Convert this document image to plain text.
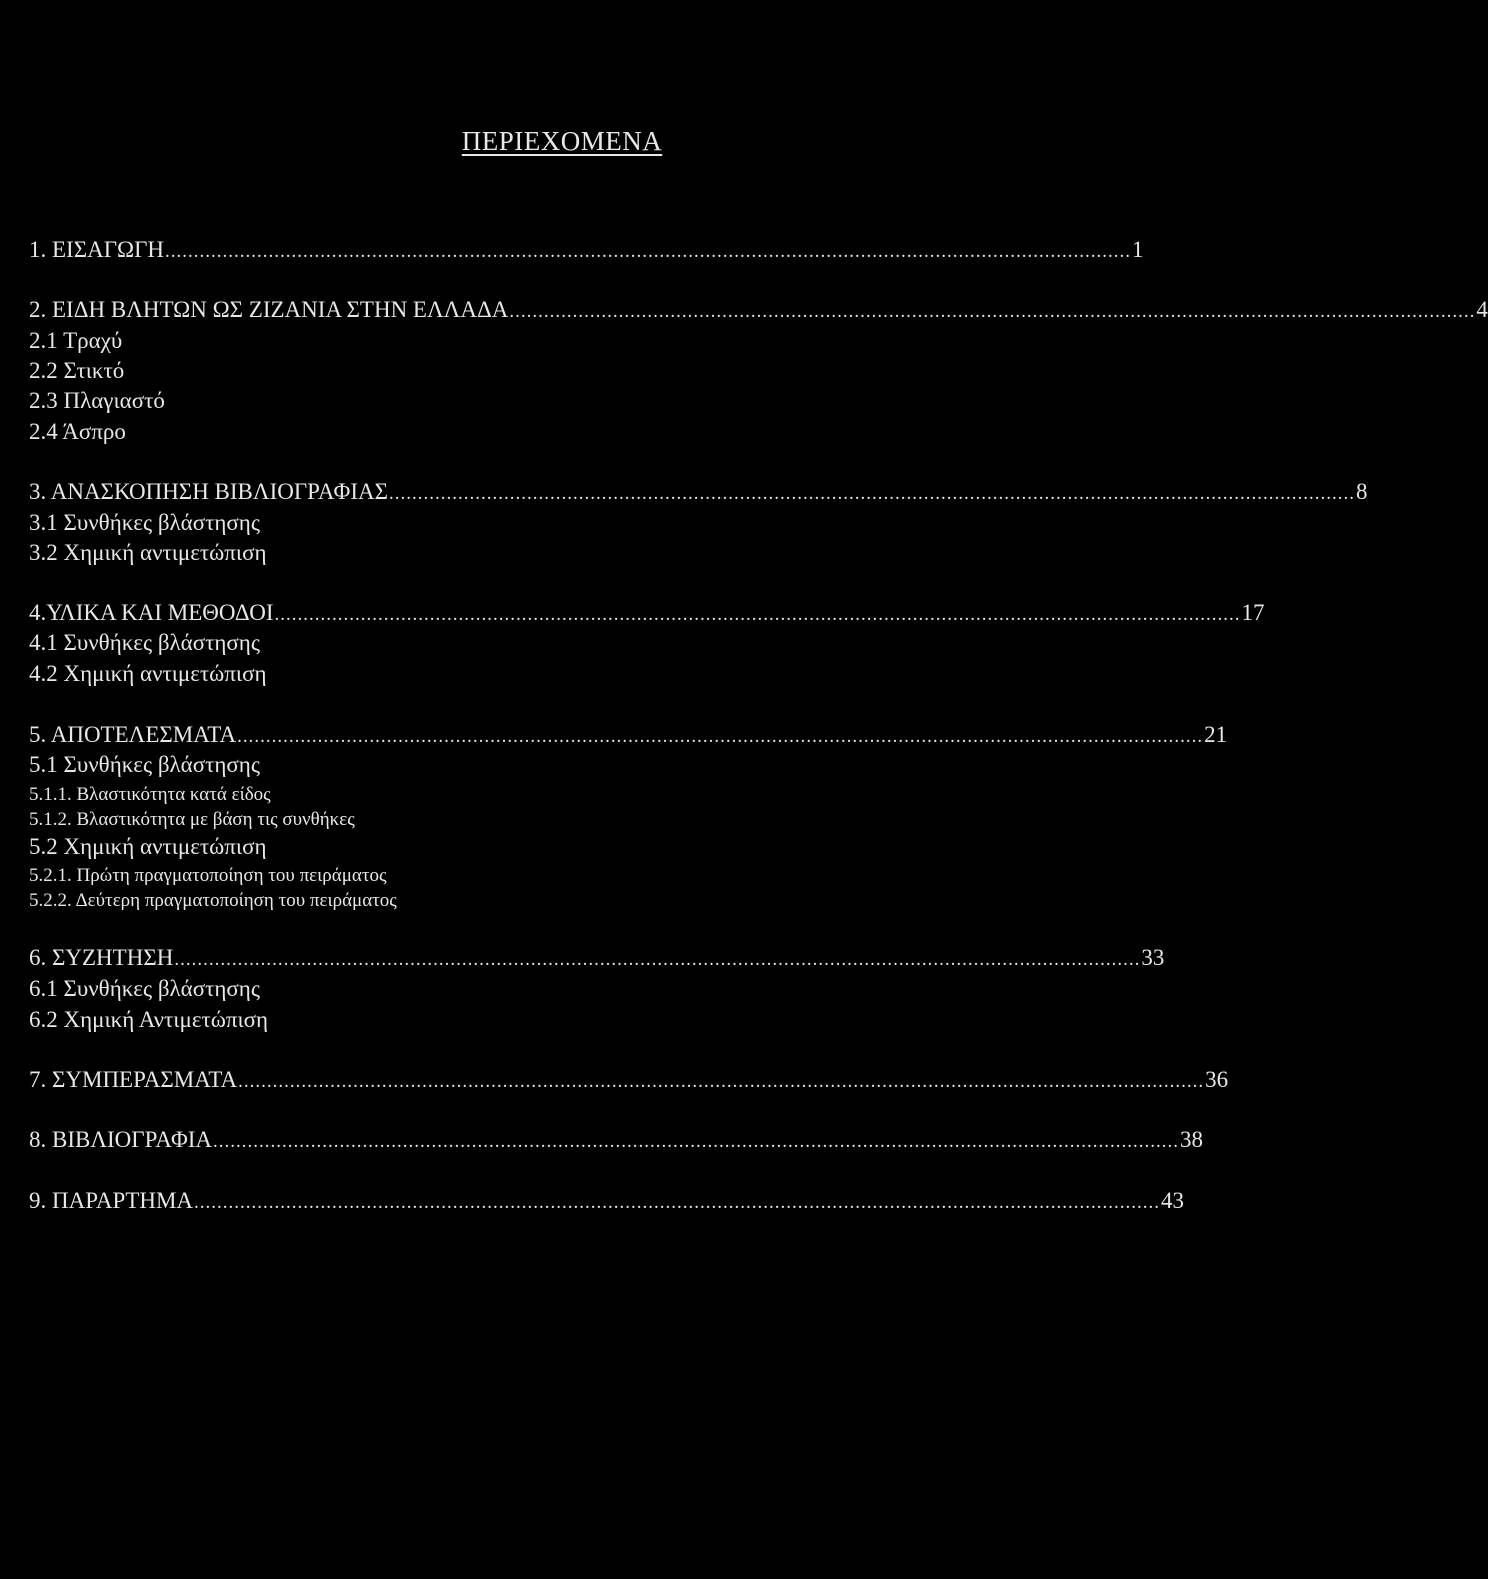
ΠΕΡΙΕΧΟΜΕΝΑ
1. ΕΙΣΑΓΩΓΗ ........................................................................................................................................................................ 1
2. ΕΙΔΗ ΒΛΗΤΩΝ ΩΣ ΖΙΖΑΝΙΑ ΣΤΗΝ ΕΛΛΑΔΑ ........................................................................................................................................................................ 4
2.1 Τραχύ
2.2 Στικτό
2.3 Πλαγιαστό
2.4 Άσπρο
3. ΑΝΑΣΚΟΠΗΣΗ ΒΙΒΛΙΟΓΡΑΦΙΑΣ ........................................................................................................................................................................ 8
3.1 Συνθήκες βλάστησης
3.2 Χημική αντιμετώπιση
4.ΥΛΙΚΑ ΚΑΙ ΜΕΘΟΔΟΙ ........................................................................................................................................................................ 17
4.1 Συνθήκες βλάστησης
4.2 Χημική αντιμετώπιση
5. ΑΠΟΤΕΛΕΣΜΑΤΑ ........................................................................................................................................................................ 21
5.1 Συνθήκες βλάστησης
5.1.1. Βλαστικότητα κατά είδος
5.1.2. Βλαστικότητα με βάση τις συνθήκες
5.2 Χημική αντιμετώπιση
5.2.1. Πρώτη πραγματοποίηση του πειράματος
5.2.2. Δεύτερη πραγματοποίηση του πειράματος
6. ΣΥΖΗΤΗΣΗ ........................................................................................................................................................................ 33
6.1 Συνθήκες βλάστησης
6.2 Χημική Αντιμετώπιση
7. ΣΥΜΠΕΡΑΣΜΑΤΑ ........................................................................................................................................................................ 36
8. ΒΙΒΛΙΟΓΡΑΦΙΑ ........................................................................................................................................................................ 38
9. ΠΑΡΑΡΤΗΜΑ ........................................................................................................................................................................ 43
